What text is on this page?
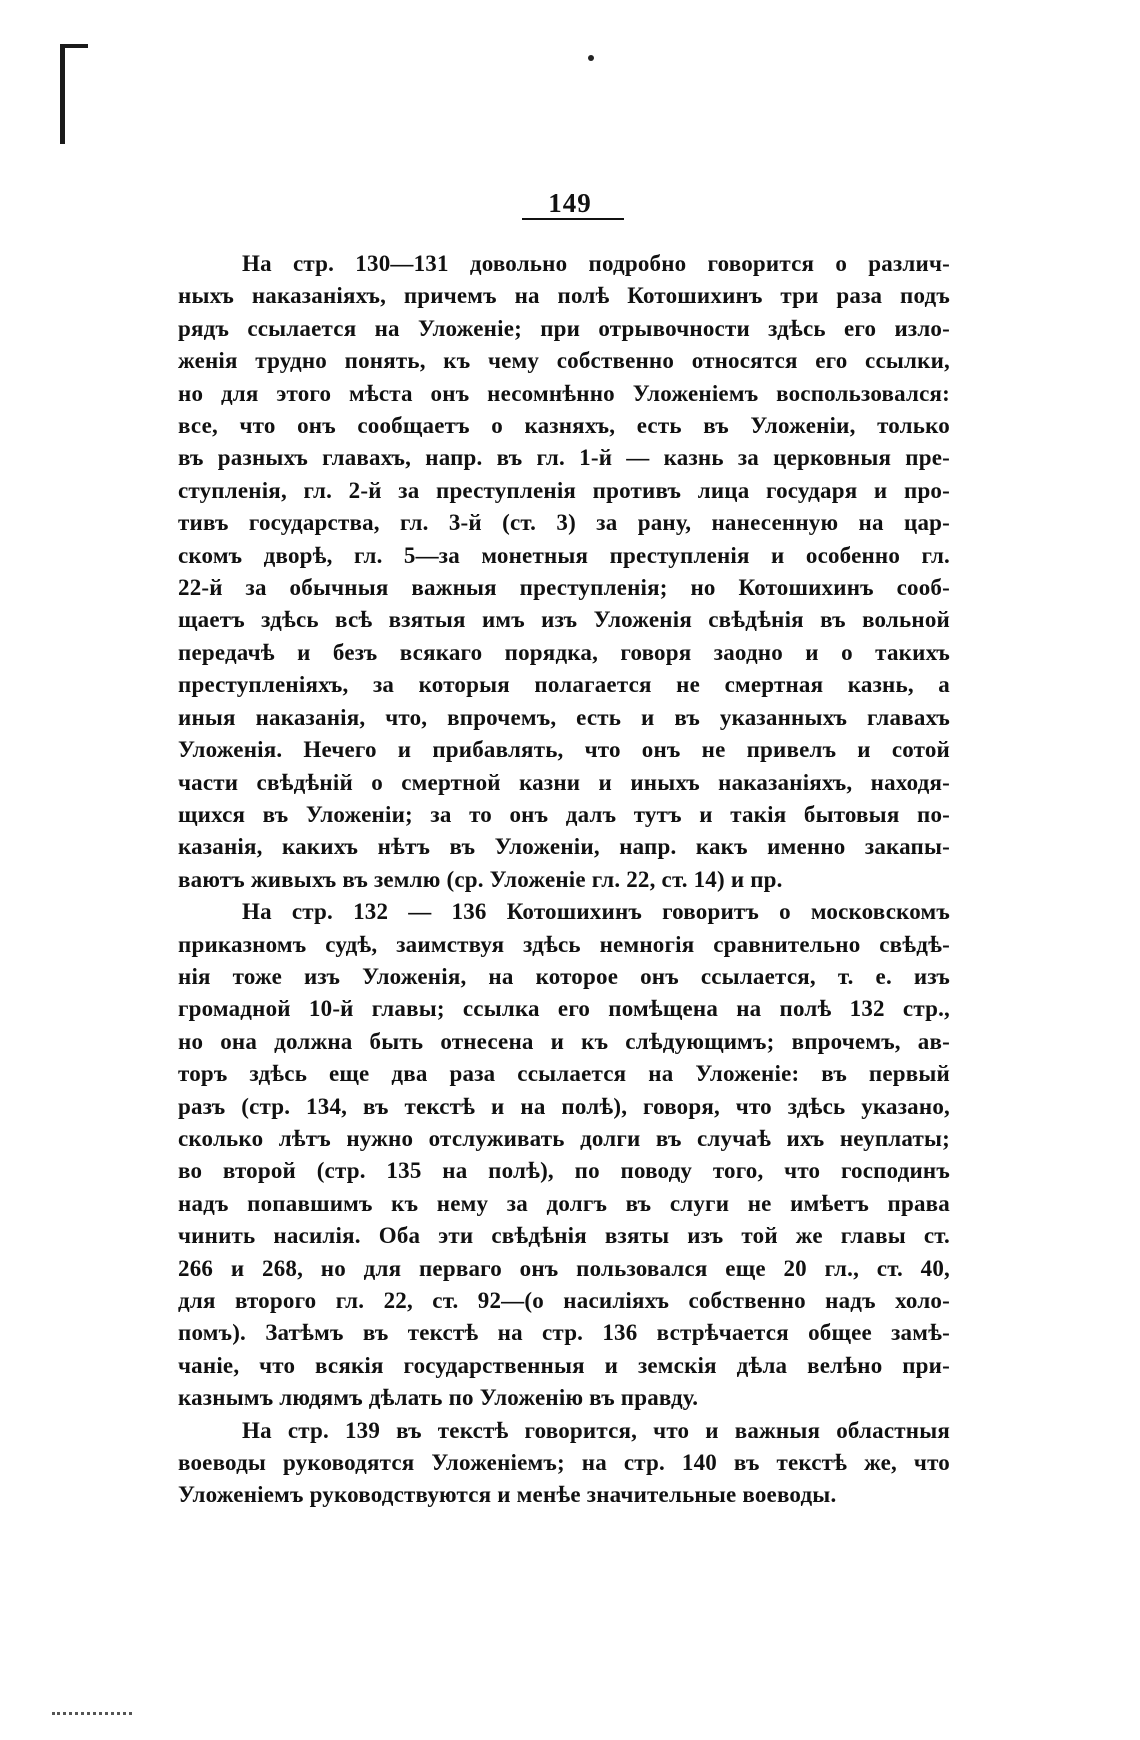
149

На стр. 130—131 довольно подробно говорится о различ-
ныхъ наказаніяхъ, причемъ на полѣ Котошихинъ три раза подъ
рядъ ссылается на Уложеніе; при отрывочности здѣсь его изло-
женія трудно понять, къ чему собственно относятся его ссылки,
но для этого мѣста онъ несомнѣнно Уложеніемъ воспользовался:
все, что онъ сообщаетъ о казняхъ, есть въ Уложеніи, только
въ разныхъ главахъ, напр. въ гл. 1-й — казнь за церковныя пре-
ступленія, гл. 2-й за преступленія противъ лица государя и про-
тивъ государства, гл. 3-й (ст. 3) за рану, нанесенную на цар-
скомъ дворѣ, гл. 5—за монетныя преступленія и особенно гл.
22-й за обычныя важныя преступленія; но Котошихинъ сооб-
щаетъ здѣсь всѣ взятыя имъ изъ Уложенія свѣдѣнія въ вольной
передачѣ и безъ всякаго порядка, говоря заодно и о такихъ
преступленіяхъ, за которыя полагается не смертная казнь, а
иныя наказанія, что, впрочемъ, есть и въ указанныхъ главахъ
Уложенія. Нечего и прибавлять, что онъ не привелъ и сотой
части свѣдѣній о смертной казни и иныхъ наказаніяхъ, находя-
щихся въ Уложеніи; за то онъ далъ тутъ и такія бытовыя по-
казанія, какихъ нѣтъ въ Уложеніи, напр. какъ именно закапы-
ваютъ живыхъ въ землю (ср. Уложеніе гл. 22, ст. 14) и пр.

На стр. 132 — 136 Котошихинъ говоритъ о московскомъ
приказномъ судѣ, заимствуя здѣсь немногія сравнительно свѣдѣ-
нія тоже изъ Уложенія, на которое онъ ссылается, т. е. изъ
громадной 10-й главы; ссылка его помѣщена на полѣ 132 стр.,
но она должна быть отнесена и къ слѣдующимъ; впрочемъ, ав-
торъ здѣсь еще два раза ссылается на Уложеніе: въ первый
разъ (стр. 134, въ текстѣ и на полѣ), говоря, что здѣсь указано,
сколько лѣтъ нужно отслуживать долги въ случаѣ ихъ неуплаты;
во второй (стр. 135 на полѣ), по поводу того, что господинъ
надъ попавшимъ къ нему за долгъ въ слуги не имѣетъ права
чинить насилія. Оба эти свѣдѣнія взяты изъ той же главы ст.
266 и 268, но для перваго онъ пользовался еще 20 гл., ст. 40,
для второго гл. 22, ст. 92—(о насиліяхъ собственно надъ холо-
помъ). Затѣмъ въ текстѣ на стр. 136 встрѣчается общее замѣ-
чаніе, что всякія государственныя и земскія дѣла велѣно при-
казнымъ людямъ дѣлать по Уложенію въ правду.

На стр. 139 въ текстѣ говорится, что и важныя областныя
воеводы руководятся Уложеніемъ; на стр. 140 въ текстѣ же, что
Уложеніемъ руководствуются и менѣе значительные воеводы.
